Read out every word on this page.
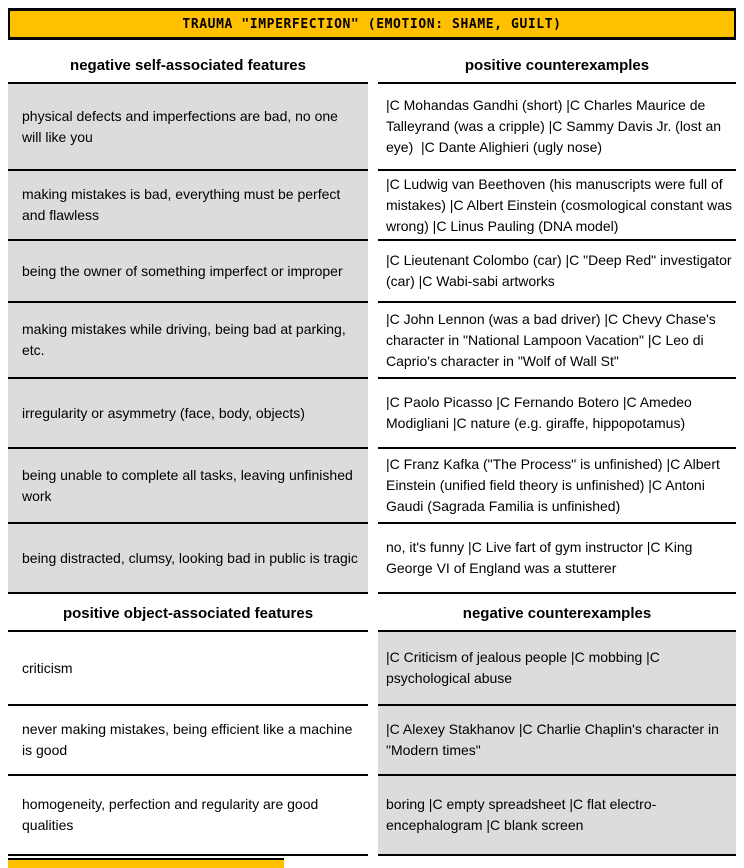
TRAUMA "IMPERFECTION" (EMOTION: SHAME, GUILT)
negative self-associated features	positive counterexamples
physical defects and imperfections are bad, no one will like you
|C Mohandas Gandhi (short) |C Charles Maurice de Talleyrand (was a cripple) |C Sammy Davis Jr. (lost an eye)  |C Dante Alighieri (ugly nose)
making mistakes is bad, everything must be perfect and flawless
|C Ludwig van Beethoven (his manuscripts were full of mistakes) |C Albert Einstein (cosmological constant was wrong) |C Linus Pauling (DNA model)
being the owner of something imperfect or improper
|C Lieutenant Colombo (car) |C "Deep Red" investigator (car) |C Wabi-sabi artworks
making mistakes while driving, being bad at parking, etc.
|C John Lennon (was a bad driver) |C Chevy Chase's character in "National Lampoon Vacation" |C Leo di Caprio's character in "Wolf of Wall St"
irregularity or asymmetry (face, body, objects)
|C Paolo Picasso |C Fernando Botero |C Amedeo Modigliani |C nature (e.g. giraffe, hippopotamus)
being unable to complete all tasks, leaving unfinished work
|C Franz Kafka ("The Process" is unfinished) |C Albert Einstein (unified field theory is unfinished) |C Antoni Gaudi (Sagrada Familia is unfinished)
being distracted, clumsy, looking bad in public is tragic
no, it's funny |C Live fart of gym instructor |C King George VI of England was a stutterer
positive object-associated features	negative counterexamples
criticism
|C Criticism of jealous people |C mobbing |C psychological abuse
never making mistakes, being efficient like a machine is good
|C Alexey Stakhanov |C Charlie Chaplin's character in "Modern times"
homogeneity, perfection and regularity are good qualities
boring |C empty spreadsheet |C flat electro-encephalogram |C blank screen
